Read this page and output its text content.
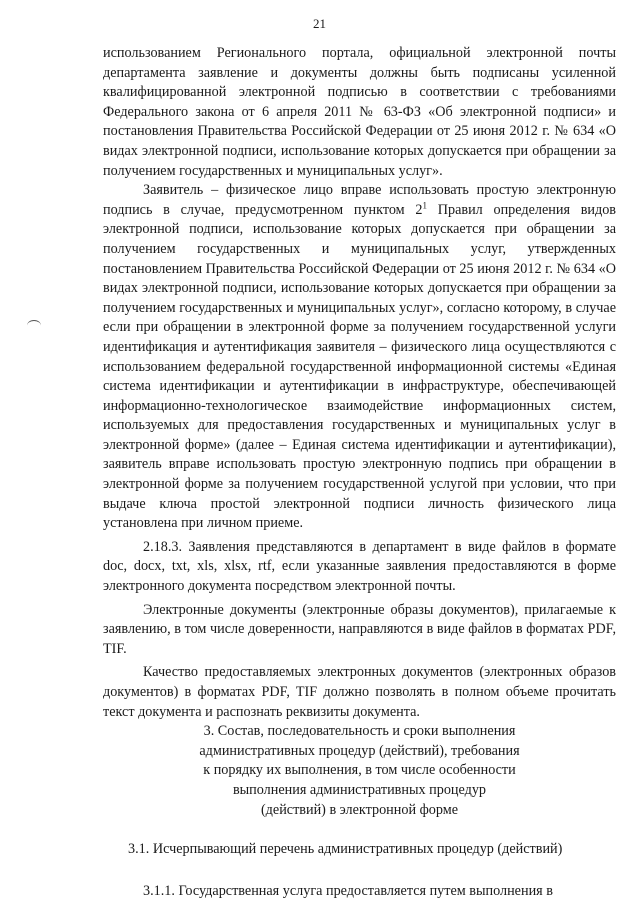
21

использованием Регионального портала, официальной электронной почты департамента заявление и документы должны быть подписаны усиленной квалифицированной электронной подписью в соответствии с требованиями Федерального закона от 6 апреля 2011 № 63-ФЗ «Об электронной подписи» и постановления Правительства Российской Федерации от 25 июня 2012 г. № 634 «О видах электронной подписи, использование которых допускается при обращении за получением государственных и муниципальных услуг».

Заявитель – физическое лицо вправе использовать простую электронную подпись в случае, предусмотренном пунктом $2^1$ Правил определения видов электронной подписи, использование которых допускается при обращении за получением государственных и муниципальных услуг, утвержденных постановлением Правительства Российской Федерации от 25 июня 2012 г. № 634 «О видах электронной подписи, использование которых допускается при обращении за получением государственных и муниципальных услуг», согласно которому, в случае если при обращении в электронной форме за получением государственной услуги идентификация и аутентификация заявителя – физического лица осуществляются с использованием федеральной государственной информационной системы «Единая система идентификации и аутентификации в инфраструктуре, обеспечивающей информационно-технологическое взаимодействие информационных систем, используемых для предоставления государственных и муниципальных услуг в электронной форме» (далее – Единая система идентификации и аутентификации), заявитель вправе использовать простую электронную подпись при обращении в электронной форме за получением государственной услугой при условии, что при выдаче ключа простой электронной подписи личность физического лица установлена при личном приеме.

2.18.3. Заявления представляются в департамент в виде файлов в формате doc, docx, txt, xls, xlsx, rtf, если указанные заявления предоставляются в форме электронного документа посредством электронной почты.

Электронные документы (электронные образы документов), прилагаемые к заявлению, в том числе доверенности, направляются в виде файлов в форматах PDF, TIF.

Качество предоставляемых электронных документов (электронных образов документов) в форматах PDF, TIF должно позволять в полном объеме прочитать текст документа и распознать реквизиты документа.

3. Состав, последовательность и сроки выполнения
административных процедур (действий), требования
к порядку их выполнения, в том числе особенности
выполнения административных процедур
(действий) в электронной форме

3.1. Исчерпывающий перечень административных процедур (действий)

3.1.1. Государственная услуга предоставляется путем выполнения в
